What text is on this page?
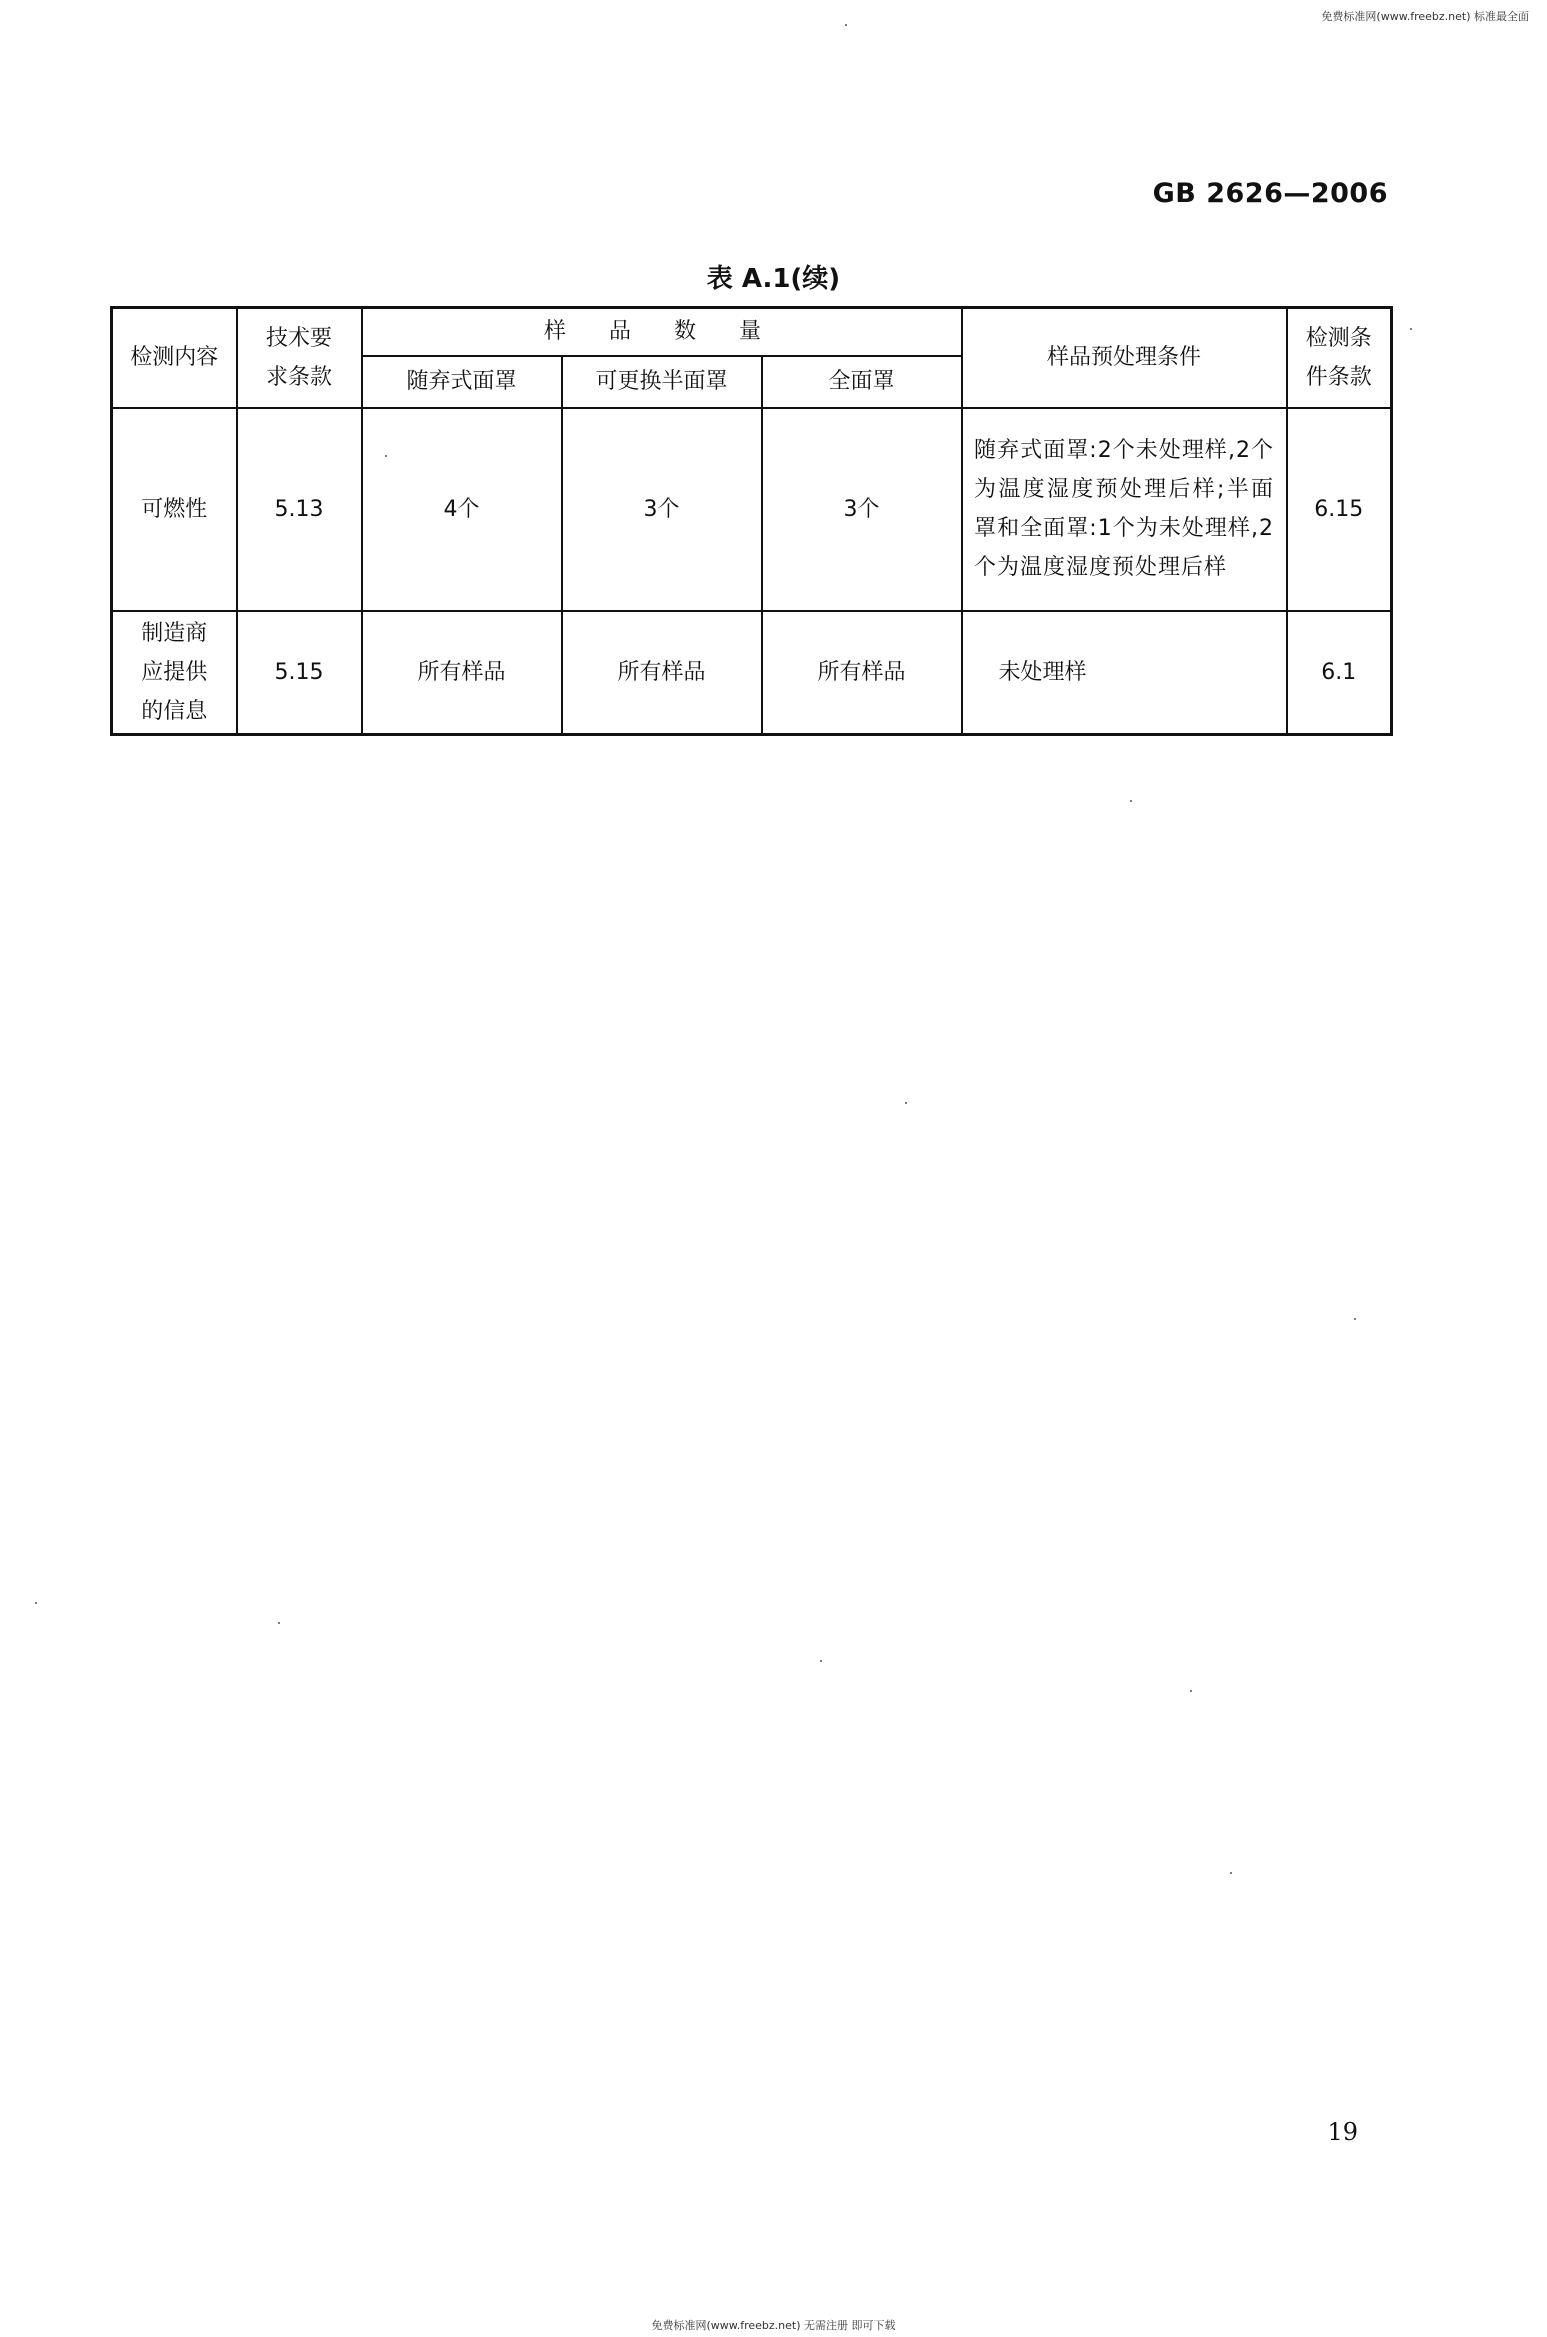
免费标准网(www.freebz.net) 标准最全面
GB 2626—2006
表 A.1(续)
检测内容	技术要求条款	样 品 数 量			样品预处理条件	检测条件条款

		随弃式面罩	可更换半面罩	全面罩		
可燃性	5.13	4个	3个	3个	随弃式面罩:2个未处理样,2个为温度湿度预处理后样;半面罩和全面罩:1个为未处理样,2个为温度湿度预处理后样	6.15

制造商应提供的信息	5.15	所有样品	所有样品	所有样品	未处理样	6.1
19
免费标准网(www.freebz.net) 无需注册 即可下载
